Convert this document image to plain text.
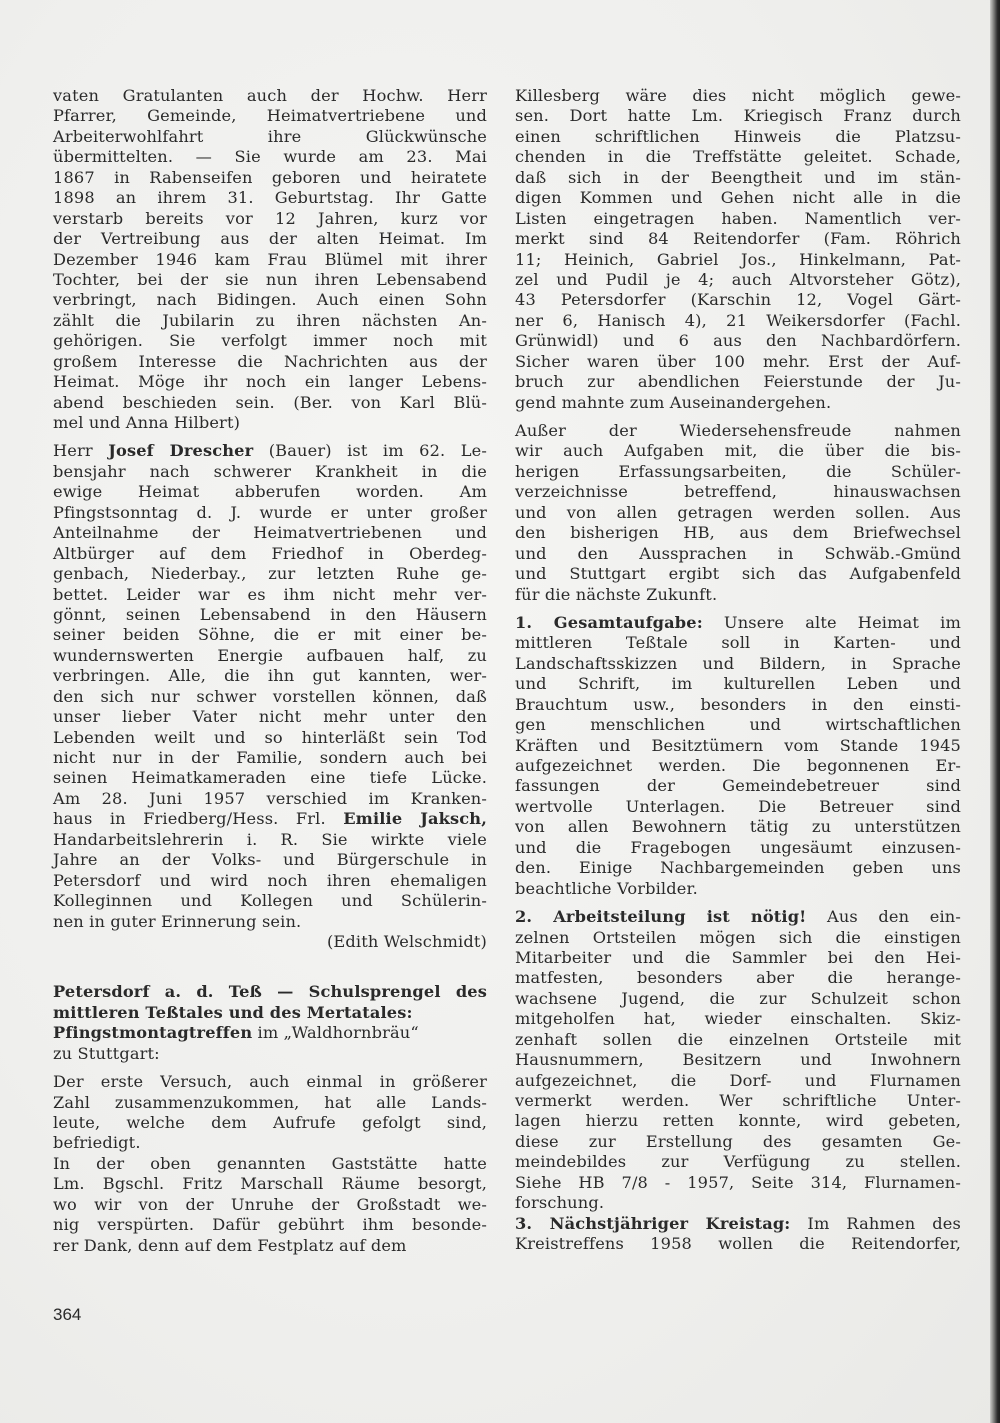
vaten Gratulanten auch der Hochw. Herr
Pfarrer, Gemeinde, Heimatvertriebene und
Arbeiterwohlfahrt ihre Glückwünsche
übermittelten. — Sie wurde am 23. Mai
1867 in Rabenseifen geboren und heiratete
1898 an ihrem 31. Geburtstag. Ihr Gatte
verstarb bereits vor 12 Jahren, kurz vor
der Vertreibung aus der alten Heimat. Im
Dezember 1946 kam Frau Blümel mit ihrer
Tochter, bei der sie nun ihren Lebensabend
verbringt, nach Bidingen. Auch einen Sohn
zählt die Jubilarin zu ihren nächsten An-
gehörigen. Sie verfolgt immer noch mit
großem Interesse die Nachrichten aus der
Heimat. Möge ihr noch ein langer Lebens-
abend beschieden sein. (Ber. von Karl Blü-
mel und Anna Hilbert)
Herr Josef Drescher (Bauer) ist im 62. Le-
bensjahr nach schwerer Krankheit in die
ewige Heimat abberufen worden. Am
Pfingstsonntag d. J. wurde er unter großer
Anteilnahme der Heimatvertriebenen und
Altbürger auf dem Friedhof in Oberdeg-
genbach, Niederbay., zur letzten Ruhe ge-
bettet. Leider war es ihm nicht mehr ver-
gönnt, seinen Lebensabend in den Häusern
seiner beiden Söhne, die er mit einer be-
wundernswerten Energie aufbauen half, zu
verbringen. Alle, die ihn gut kannten, wer-
den sich nur schwer vorstellen können, daß
unser lieber Vater nicht mehr unter den
Lebenden weilt und so hinterläßt sein Tod
nicht nur in der Familie, sondern auch bei
seinen Heimatkameraden eine tiefe Lücke.
Am 28. Juni 1957 verschied im Kranken-
haus in Friedberg/Hess. Frl. Emilie Jaksch,
Handarbeitslehrerin i. R. Sie wirkte viele
Jahre an der Volks- und Bürgerschule in
Petersdorf und wird noch ihren ehemaligen
Kolleginnen und Kollegen und Schülerin-
nen in guter Erinnerung sein.
(Edith Welschmidt)
Petersdorf a. d. Teß — Schulsprengel des
mittleren Teßtales und des Mertatales:
Pfingstmontagtreffen im „Waldhornbräu“
zu Stuttgart:
Der erste Versuch, auch einmal in größerer
Zahl zusammenzukommen, hat alle Lands-
leute, welche dem Aufrufe gefolgt sind,
befriedigt.
In der oben genannten Gaststätte hatte
Lm. Bgschl. Fritz Marschall Räume besorgt,
wo wir von der Unruhe der Großstadt we-
nig verspürten. Dafür gebührt ihm besonde-
rer Dank, denn auf dem Festplatz auf dem
Killesberg wäre dies nicht möglich gewe-
sen. Dort hatte Lm. Kriegisch Franz durch
einen schriftlichen Hinweis die Platzsu-
chenden in die Treffstätte geleitet. Schade,
daß sich in der Beengtheit und im stän-
digen Kommen und Gehen nicht alle in die
Listen eingetragen haben. Namentlich ver-
merkt sind 84 Reitendorfer (Fam. Röhrich
11; Heinich, Gabriel Jos., Hinkelmann, Pat-
zel und Pudil je 4; auch Altvorsteher Götz),
43 Petersdorfer (Karschin 12, Vogel Gärt-
ner 6, Hanisch 4), 21 Weikersdorfer (Fachl.
Grünwidl) und 6 aus den Nachbardörfern.
Sicher waren über 100 mehr. Erst der Auf-
bruch zur abendlichen Feierstunde der Ju-
gend mahnte zum Auseinandergehen.
Außer der Wiedersehensfreude nahmen
wir auch Aufgaben mit, die über die bis-
herigen Erfassungsarbeiten, die Schüler-
verzeichnisse betreffend, hinauswachsen
und von allen getragen werden sollen. Aus
den bisherigen HB, aus dem Briefwechsel
und den Aussprachen in Schwäb.-Gmünd
und Stuttgart ergibt sich das Aufgabenfeld
für die nächste Zukunft.
1. Gesamtaufgabe: Unsere alte Heimat im
mittleren Teßtale soll in Karten- und
Landschaftsskizzen und Bildern, in Sprache
und Schrift, im kulturellen Leben und
Brauchtum usw., besonders in den einsti-
gen menschlichen und wirtschaftlichen
Kräften und Besitztümern vom Stande 1945
aufgezeichnet werden. Die begonnenen Er-
fassungen der Gemeindebetreuer sind
wertvolle Unterlagen. Die Betreuer sind
von allen Bewohnern tätig zu unterstützen
und die Fragebogen ungesäumt einzusen-
den. Einige Nachbargemeinden geben uns
beachtliche Vorbilder.
2. Arbeitsteilung ist nötig! Aus den ein-
zelnen Ortsteilen mögen sich die einstigen
Mitarbeiter und die Sammler bei den Hei-
matfesten, besonders aber die herange-
wachsene Jugend, die zur Schulzeit schon
mitgeholfen hat, wieder einschalten. Skiz-
zenhaft sollen die einzelnen Ortsteile mit
Hausnummern, Besitzern und Inwohnern
aufgezeichnet, die Dorf- und Flurnamen
vermerkt werden. Wer schriftliche Unter-
lagen hierzu retten konnte, wird gebeten,
diese zur Erstellung des gesamten Ge-
meindebildes zur Verfügung zu stellen.
Siehe HB 7/8 - 1957, Seite 314, Flurnamen-
forschung.
3. Nächstjähriger Kreistag: Im Rahmen des
Kreistreffens 1958 wollen die Reitendorfer,
364
